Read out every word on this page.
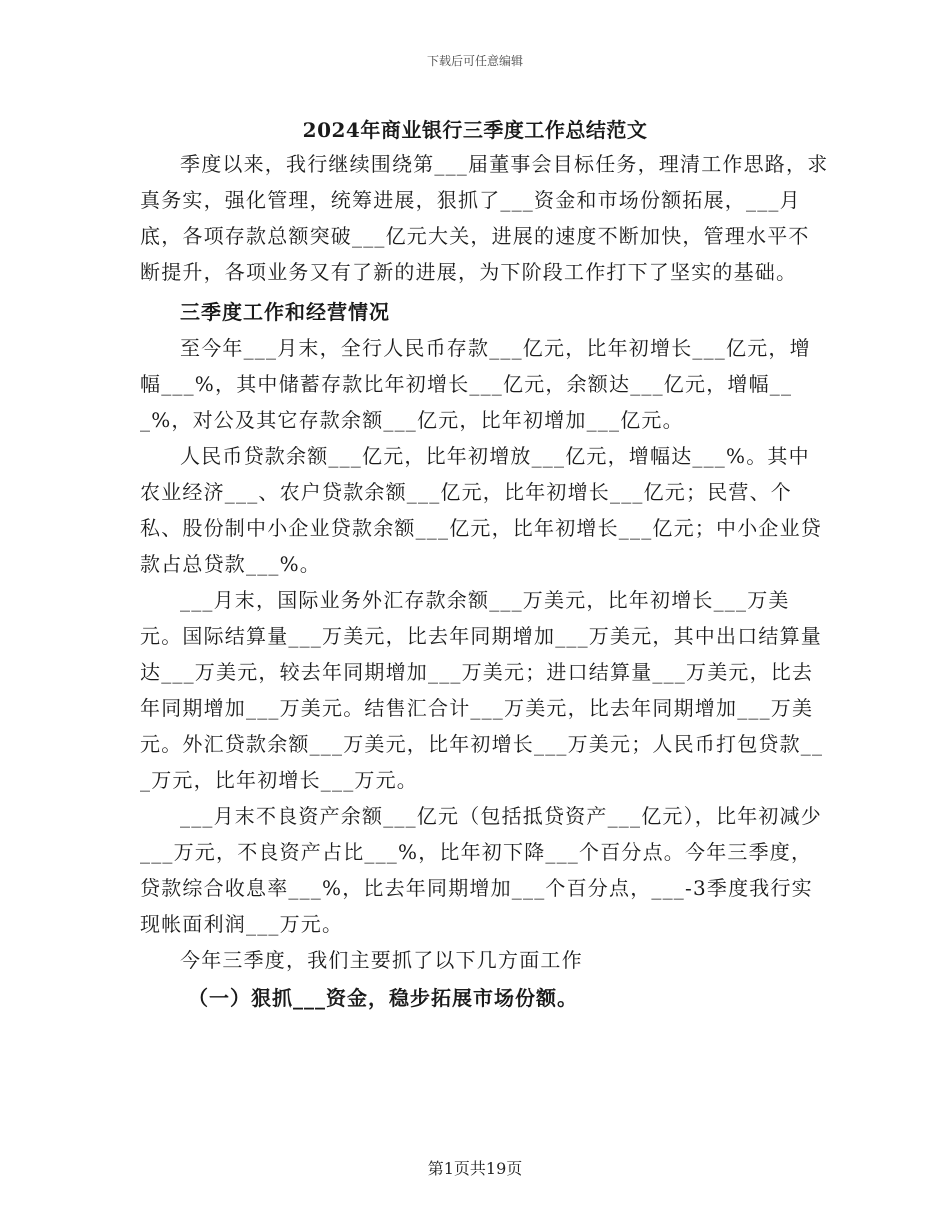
下载后可任意编辑
2024年商业银行三季度工作总结范文

季度以来，我行继续围绕第___届董事会目标任务，理清工作思路，求真务实，强化管理，统筹进展，狠抓了___资金和市场份额拓展，___月底，各项存款总额突破___亿元大关，进展的速度不断加快，管理水平不断提升，各项业务又有了新的进展，为下阶段工作打下了坚实的基础。

三季度工作和经营情况

至今年___月末，全行人民币存款___亿元，比年初增长___亿元，增幅___%，其中储蓄存款比年初增长___亿元，余额达___亿元，增幅___%，对公及其它存款余额___亿元，比年初增加___亿元。

人民币贷款余额___亿元，比年初增放___亿元，增幅达___%。其中农业经济___、农户贷款余额___亿元，比年初增长___亿元；民营、个私、股份制中小企业贷款余额___亿元，比年初增长___亿元；中小企业贷款占总贷款___%。

___月末，国际业务外汇存款余额___万美元，比年初增长___万美元。国际结算量___万美元，比去年同期增加___万美元，其中出口结算量达___万美元，较去年同期增加___万美元；进口结算量___万美元，比去年同期增加___万美元。结售汇合计___万美元，比去年同期增加___万美元。外汇贷款余额___万美元，比年初增长___万美元；人民币打包贷款___万元，比年初增长___万元。

___月末不良资产余额___亿元（包括抵贷资产___亿元），比年初减少___万元，不良资产占比___%，比年初下降___个百分点。今年三季度，贷款综合收息率___%，比去年同期增加___个百分点，___-3季度我行实现帐面利润___万元。

今年三季度，我们主要抓了以下几方面工作

（一）狠抓___资金，稳步拓展市场份额。

第1页共19页
